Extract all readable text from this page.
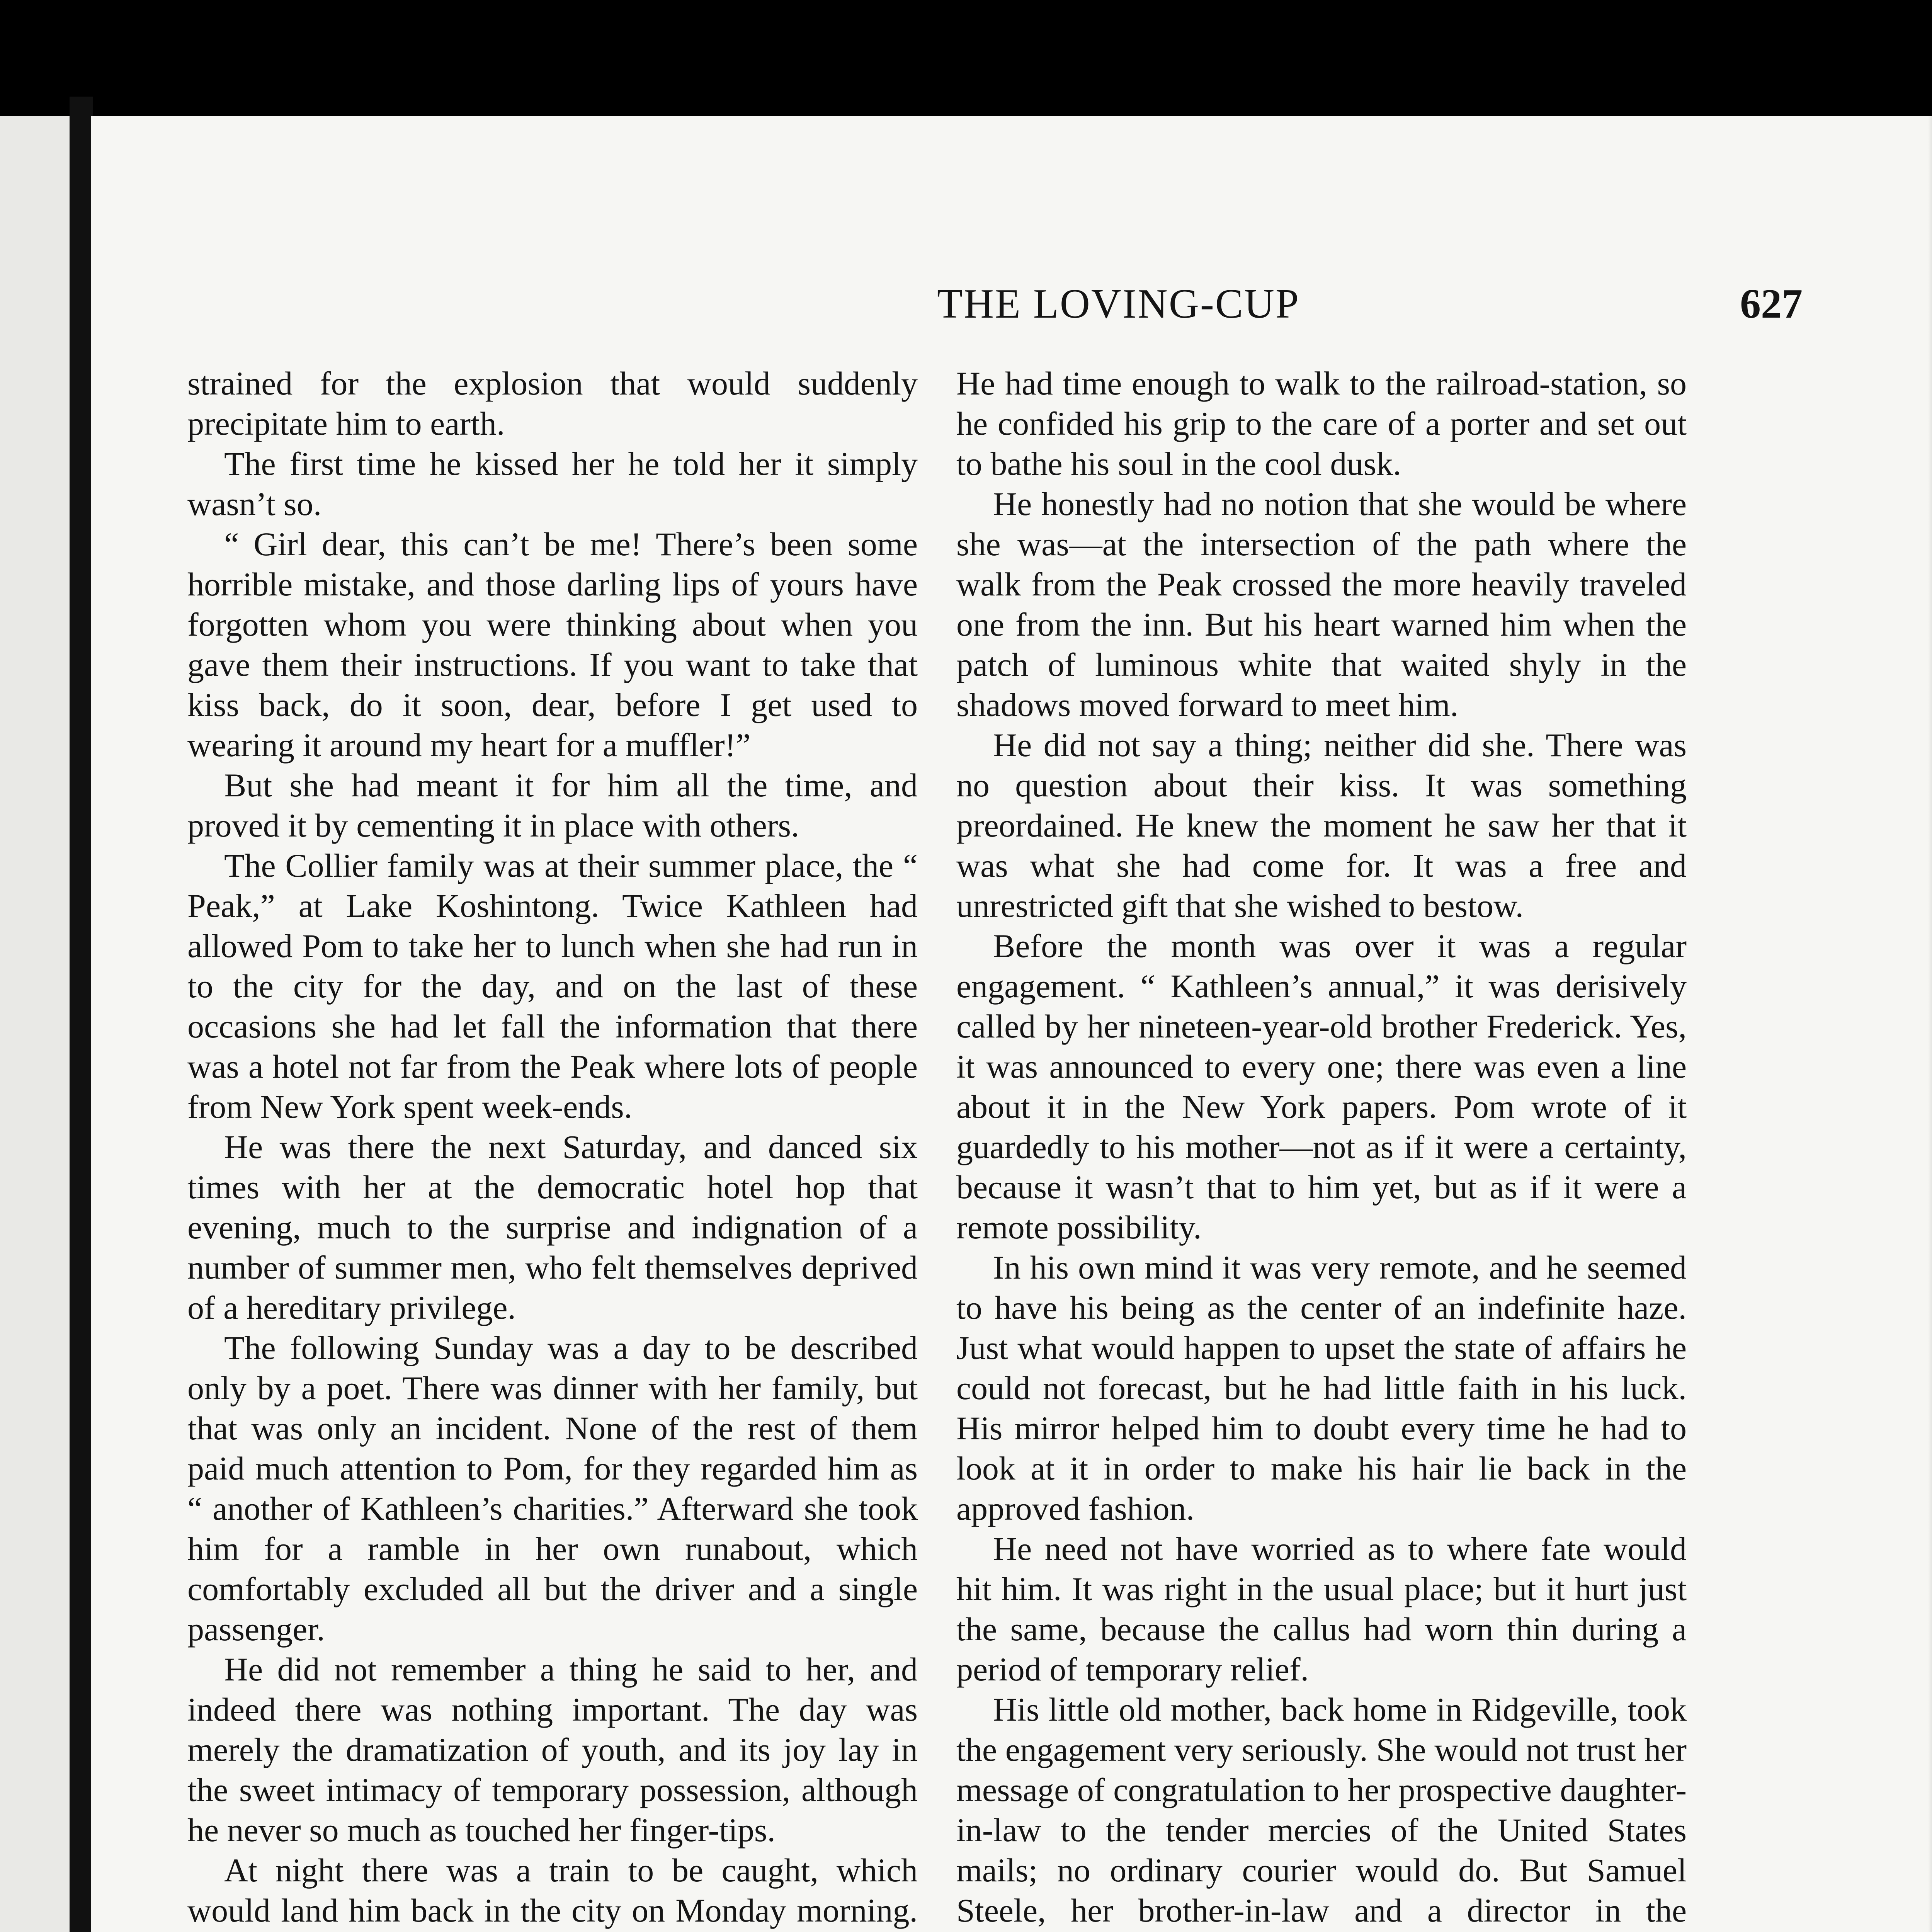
THE LOVING-CUP	627

strained for the explosion that would suddenly precipitate him to earth.

The first time he kissed her he told her it simply wasn’t so.

“ Girl dear, this can’t be me! There’s been some horrible mistake, and those darling lips of yours have forgotten whom you were thinking about when you gave them their instructions. If you want to take that kiss back, do it soon, dear, before I get used to wearing it around my heart for a muffler!”

But she had meant it for him all the time, and proved it by cementing it in place with others.

The Collier family was at their summer place, the “ Peak,” at Lake Koshintong. Twice Kathleen had allowed Pom to take her to lunch when she had run in to the city for the day, and on the last of these occasions she had let fall the information that there was a hotel not far from the Peak where lots of people from New York spent week-ends.

He was there the next Saturday, and danced six times with her at the democratic hotel hop that evening, much to the surprise and indignation of a number of summer men, who felt themselves deprived of a hereditary privilege.

The following Sunday was a day to be described only by a poet. There was dinner with her family, but that was only an incident. None of the rest of them paid much attention to Pom, for they regarded him as “ another of Kathleen’s charities.” Afterward she took him for a ramble in her own runabout, which comfortably excluded all but the driver and a single passenger.

He did not remember a thing he said to her, and indeed there was nothing important. The day was merely the dramatization of youth, and its joy lay in the sweet intimacy of temporary possession, although he never so much as touched her finger-tips.

At night there was a train to be caught, which would land him back in the city on Monday morning.

He had time enough to walk to the railroad-station, so he confided his grip to the care of a porter and set out to bathe his soul in the cool dusk.

He honestly had no notion that she would be where she was—at the intersection of the path where the walk from the Peak crossed the more heavily traveled one from the inn. But his heart warned him when the patch of luminous white that waited shyly in the shadows moved forward to meet him.

He did not say a thing; neither did she. There was no question about their kiss. It was something preordained. He knew the moment he saw her that it was what she had come for. It was a free and unrestricted gift that she wished to bestow.

Before the month was over it was a regular engagement. “ Kathleen’s annual,” it was derisively called by her nineteen-year-old brother Frederick. Yes, it was announced to every one; there was even a line about it in the New York papers. Pom wrote of it guardedly to his mother—not as if it were a certainty, because it wasn’t that to him yet, but as if it were a remote possibility.

In his own mind it was very remote, and he seemed to have his being as the center of an indefinite haze. Just what would happen to upset the state of affairs he could not forecast, but he had little faith in his luck. His mirror helped him to doubt every time he had to look at it in order to make his hair lie back in the approved fashion.

He need not have worried as to where fate would hit him. It was right in the usual place; but it hurt just the same, because the callus had worn thin during a period of temporary relief.

His little old mother, back home in Ridgeville, took the engagement very seriously. She would not trust her message of congratulation to her prospective daughter-in-law to the tender mercies of the United States mails; no ordinary courier would do. But Samuel Steele, her brother-in-law and a director in the
